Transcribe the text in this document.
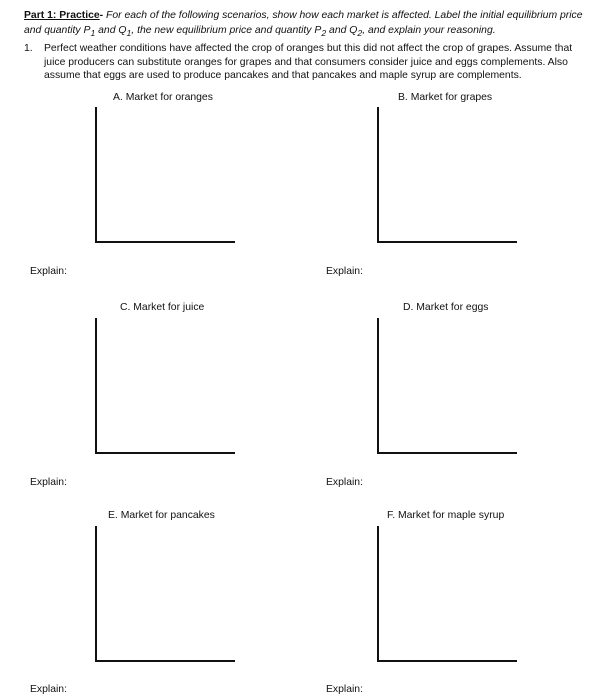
Part 1: Practice- For each of the following scenarios, show how each market is affected. Label the initial equilibrium price and quantity $P_1$ and $Q_1$, the new equilibrium price and quantity $P_2$ and $Q_2$, and explain your reasoning.
1. Perfect weather conditions have affected the crop of oranges but this did not affect the crop of grapes. Assume that juice producers can substitute oranges for grapes and that consumers consider juice and eggs complements. Also assume that eggs are used to produce pancakes and that pancakes and maple syrup are complements.
A. Market for oranges
Explain:
B. Market for grapes
Explain:
C. Market for juice
Explain:
D. Market for eggs
Explain:
E. Market for pancakes
Explain:
F. Market for maple syrup
Explain:
